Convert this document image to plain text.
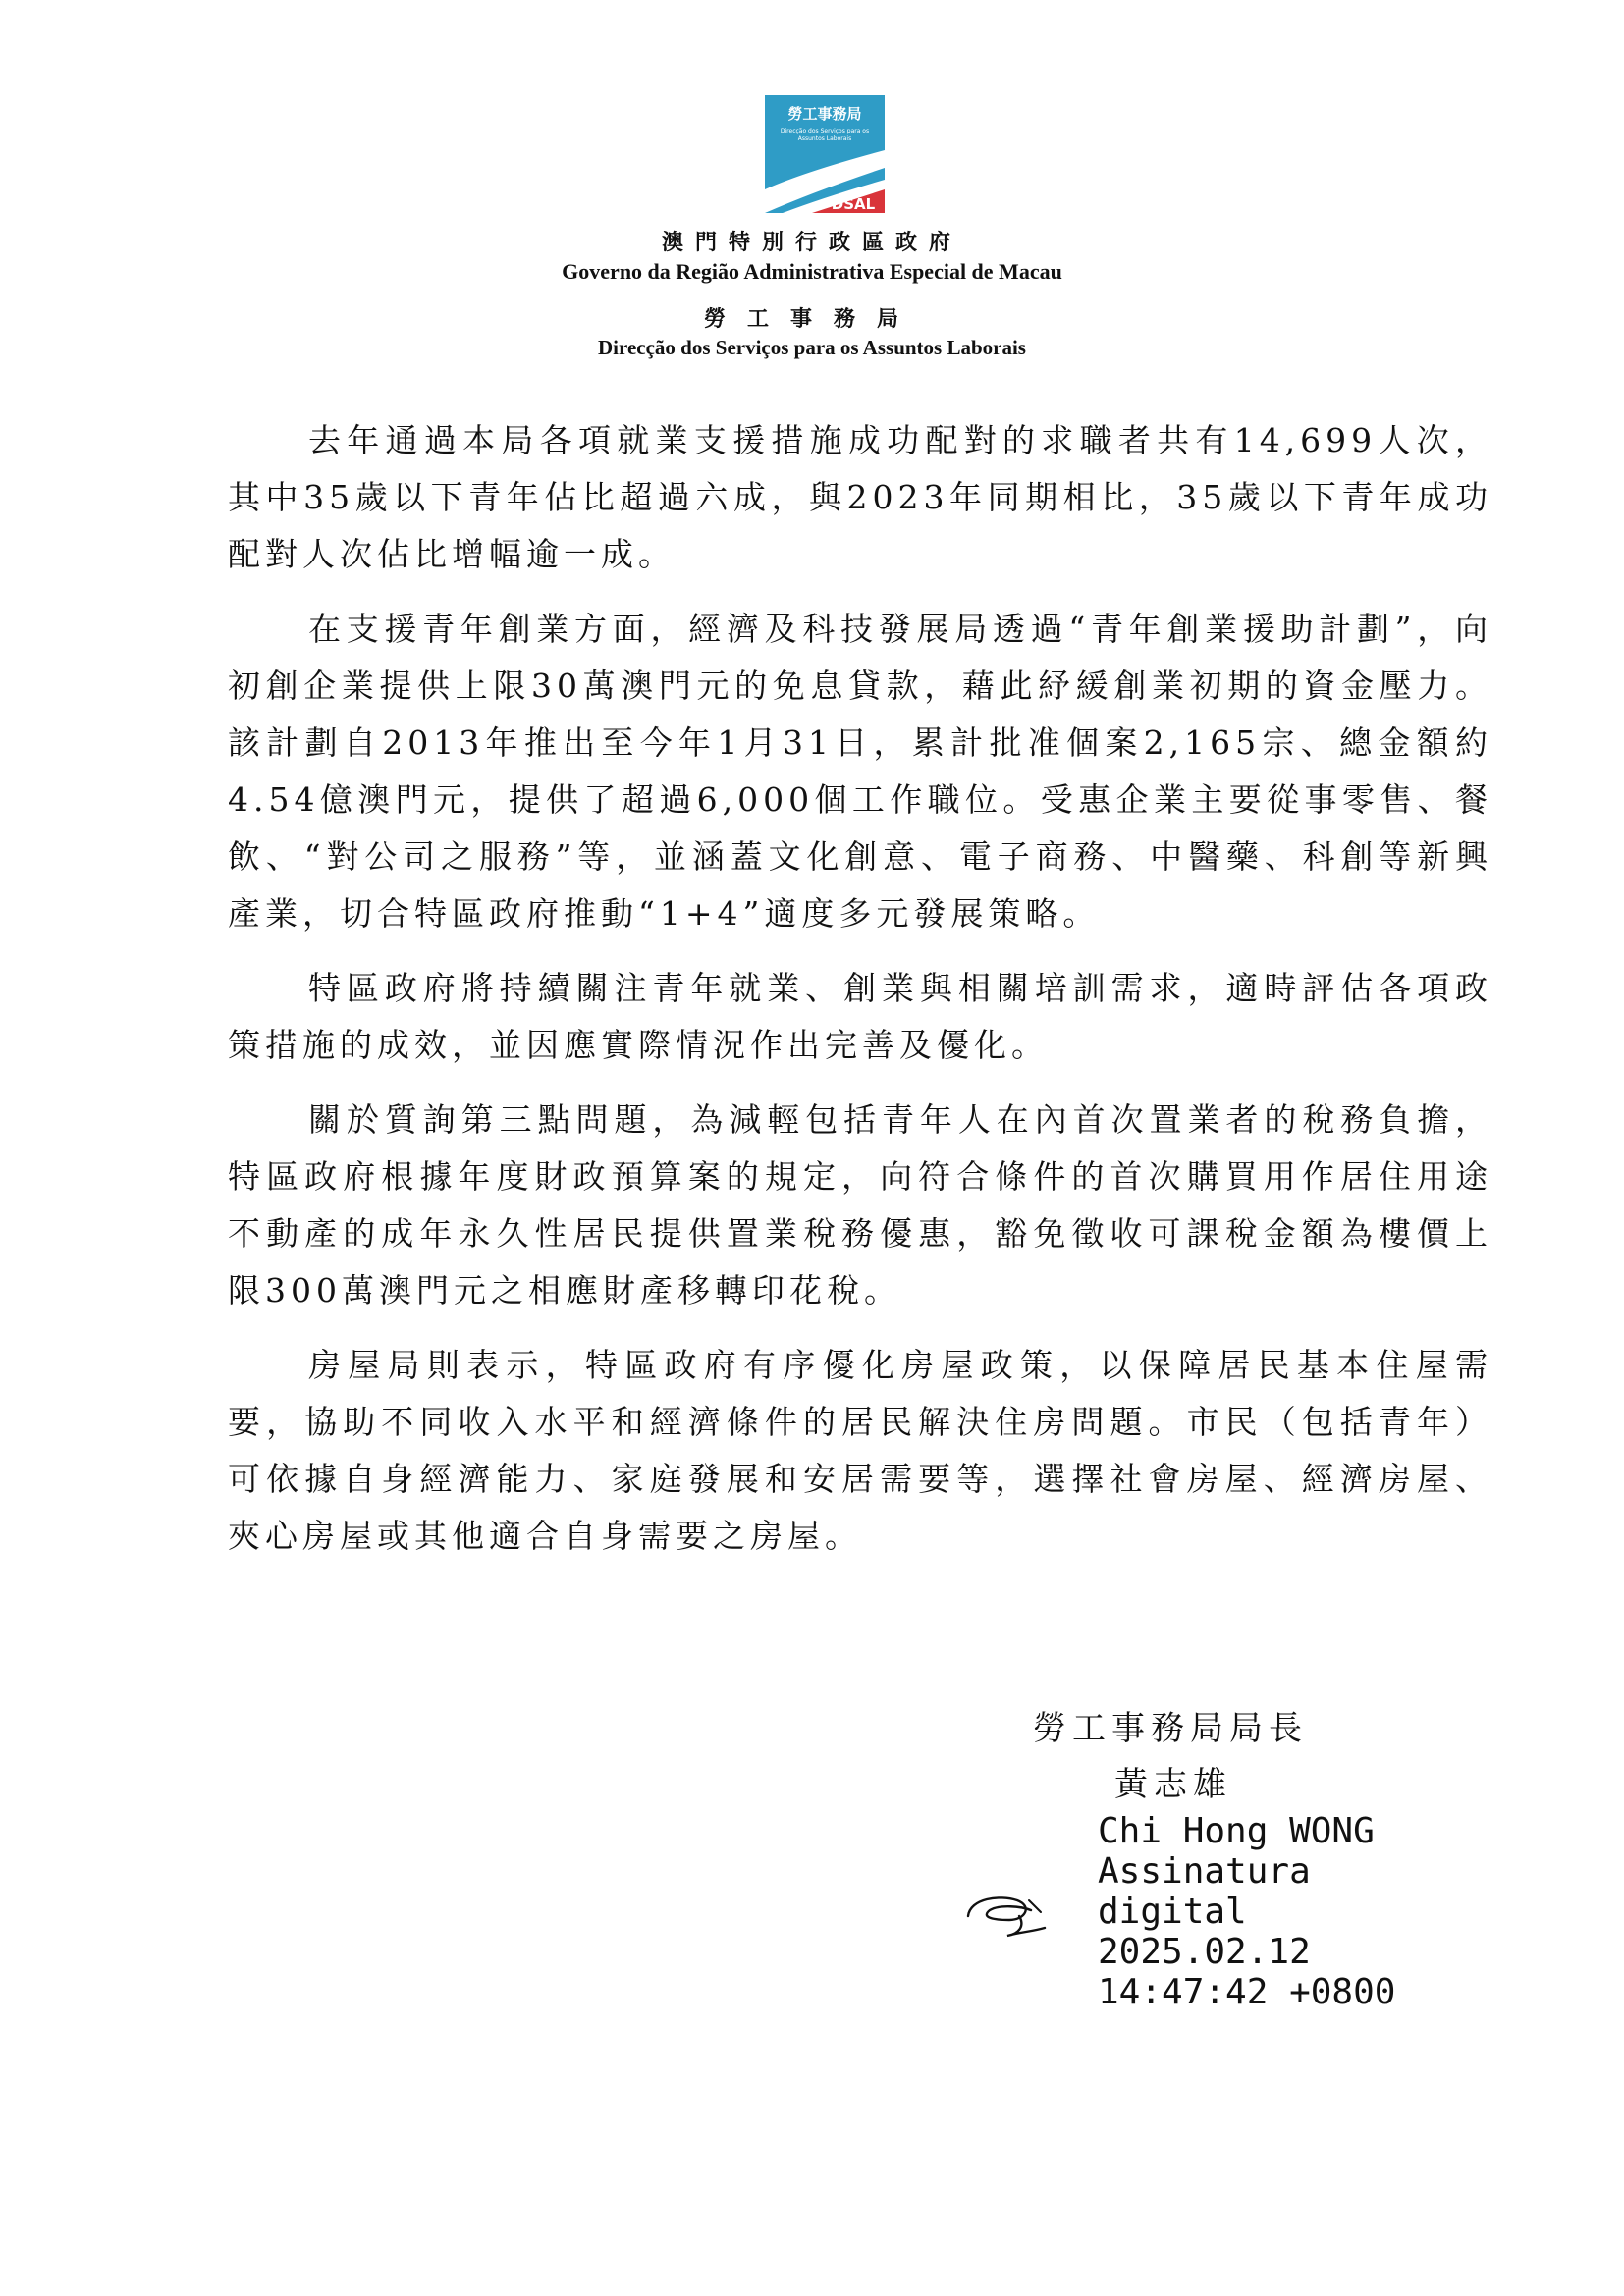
勞工事務局
Direcção dos Serviços para os
Assuntos Laborais
DSAL
澳門特別行政區政府
Governo da Região Administrativa Especial de Macau
勞工事務局
Direcção dos Serviços para os Assuntos Laborais

去年通過本局各項就業支援措施成功配對的求職者共有14,699人次，其中35歲以下青年佔比超過六成，與2023年同期相比，35歲以下青年成功配對人次佔比增幅逾一成。

在支援青年創業方面，經濟及科技發展局透過“青年創業援助計劃”，向初創企業提供上限30萬澳門元的免息貸款，藉此紓緩創業初期的資金壓力。該計劃自2013年推出至今年1月31日，累計批准個案2,165宗、總金額約4.54億澳門元，提供了超過6,000個工作職位。受惠企業主要從事零售、餐飲、“對公司之服務”等，並涵蓋文化創意、電子商務、中醫藥、科創等新興產業，切合特區政府推動“1+4”適度多元發展策略。

特區政府將持續關注青年就業、創業與相關培訓需求，適時評估各項政策措施的成效，並因應實際情況作出完善及優化。

關於質詢第三點問題，為減輕包括青年人在內首次置業者的稅務負擔，特區政府根據年度財政預算案的規定，向符合條件的首次購買用作居住用途不動產的成年永久性居民提供置業稅務優惠，豁免徵收可課稅金額為樓價上限300萬澳門元之相應財產移轉印花稅。

房屋局則表示，特區政府有序優化房屋政策，以保障居民基本住屋需要，協助不同收入水平和經濟條件的居民解決住房問題。市民（包括青年）可依據自身經濟能力、家庭發展和安居需要等，選擇社會房屋、經濟房屋、夾心房屋或其他適合自身需要之房屋。

勞工事務局局長
黃志雄
Chi Hong WONG
Assinatura
digital
2025.02.12
14:47:42 +0800
